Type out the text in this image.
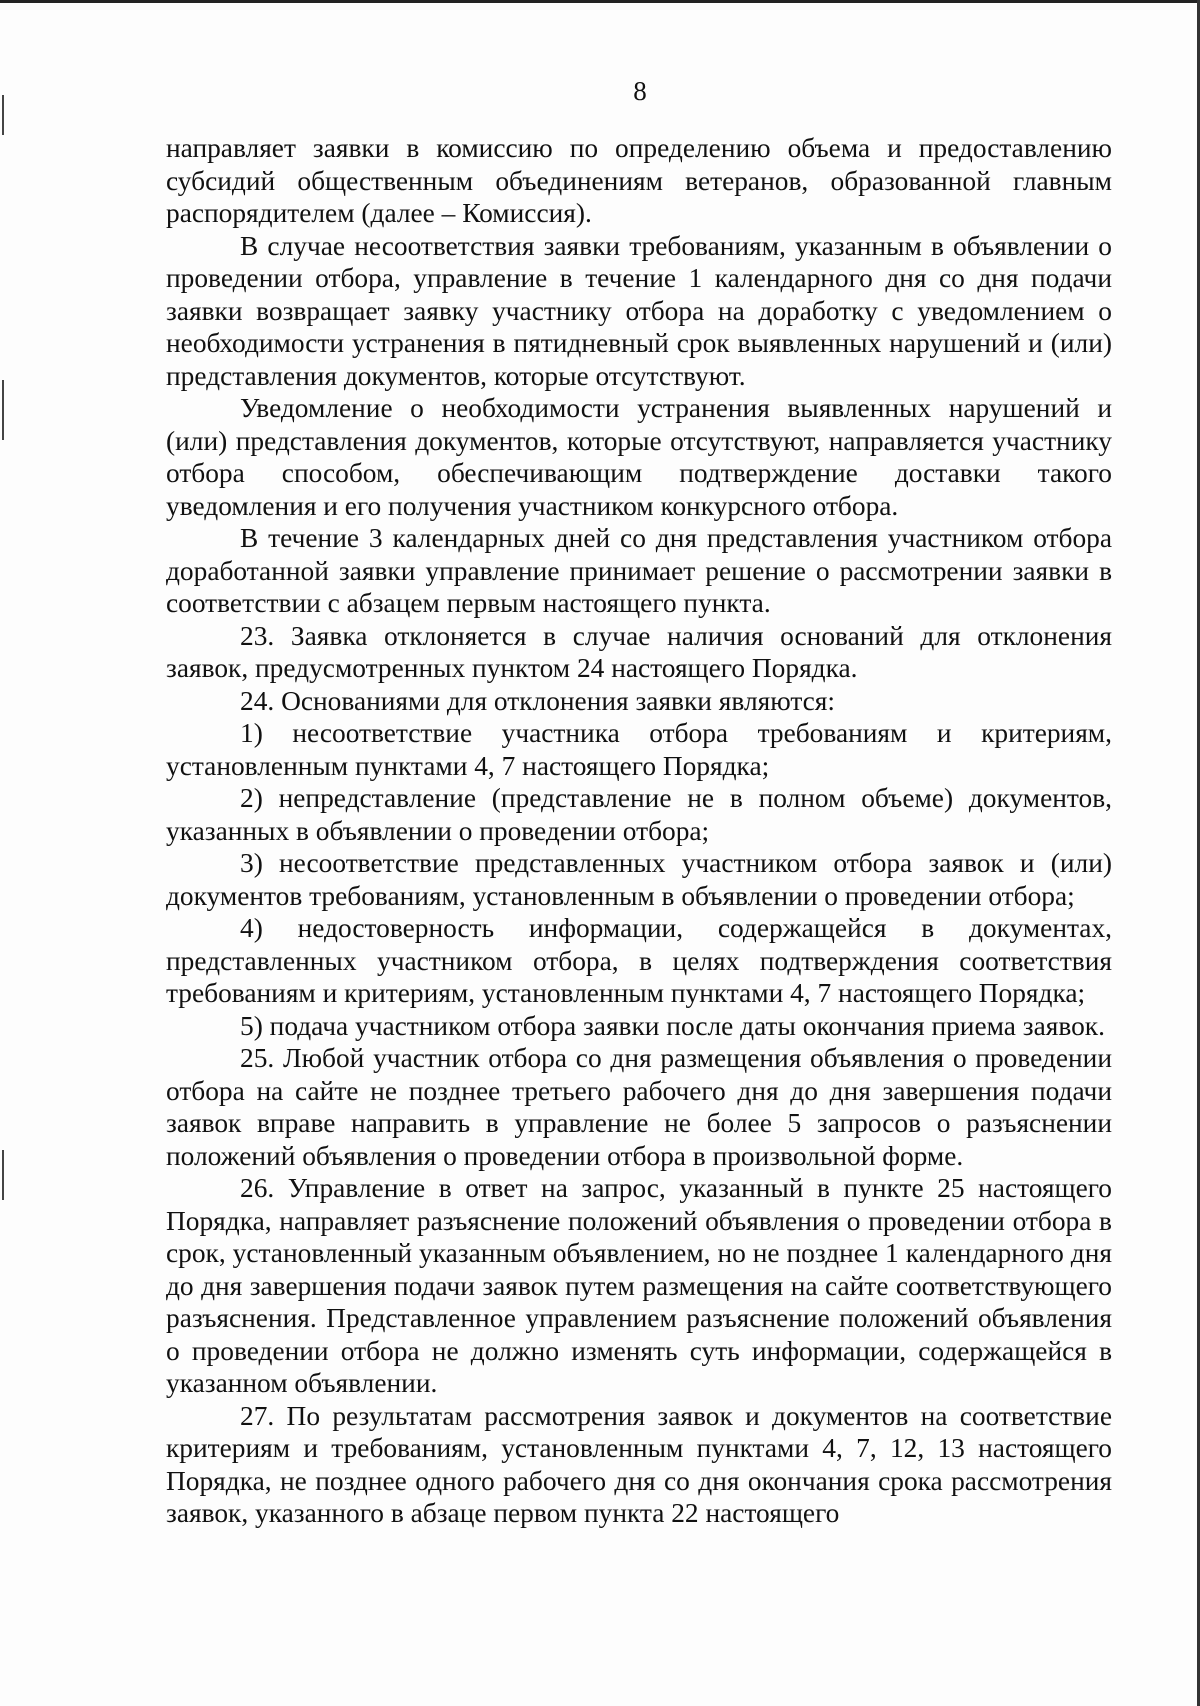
8

направляет заявки в комиссию по определению объема и предоставлению субсидий общественным объединениям ветеранов, образованной главным распорядителем (далее – Комиссия).

В случае несоответствия заявки требованиям, указанным в объявлении о проведении отбора, управление в течение 1 календарного дня со дня подачи заявки возвращает заявку участнику отбора на доработку с уведомлением о необходимости устранения в пятидневный срок выявленных нарушений и (или) представления документов, которые отсутствуют.

Уведомление о необходимости устранения выявленных нарушений и (или) представления документов, которые отсутствуют, направляется участнику отбора способом, обеспечивающим подтверждение доставки такого уведомления и его получения участником конкурсного отбора.

В течение 3 календарных дней со дня представления участником отбора доработанной заявки управление принимает решение о рассмотрении заявки в соответствии с абзацем первым настоящего пункта.

23. Заявка отклоняется в случае наличия оснований для отклонения заявок, предусмотренных пунктом 24 настоящего Порядка.

24. Основаниями для отклонения заявки являются:

1) несоответствие участника отбора требованиям и критериям, установленным пунктами 4, 7 настоящего Порядка;

2) непредставление (представление не в полном объеме) документов, указанных в объявлении о проведении отбора;

3) несоответствие представленных участником отбора заявок и (или) документов требованиям, установленным в объявлении о проведении отбора;

4) недостоверность информации, содержащейся в документах, представленных участником отбора, в целях подтверждения соответствия требованиям и критериям, установленным пунктами 4, 7 настоящего Порядка;

5) подача участником отбора заявки после даты окончания приема заявок.

25. Любой участник отбора со дня размещения объявления о проведении отбора на сайте не позднее третьего рабочего дня до дня завершения подачи заявок вправе направить в управление не более 5 запросов о разъяснении положений объявления о проведении отбора в произвольной форме.

26. Управление в ответ на запрос, указанный в пункте 25 настоящего Порядка, направляет разъяснение положений объявления о проведении отбора в срок, установленный указанным объявлением, но не позднее 1 календарного дня до дня завершения подачи заявок путем размещения на сайте соответствующего разъяснения. Представленное управлением разъяснение положений объявления о проведении отбора не должно изменять суть информации, содержащейся в указанном объявлении.

27. По результатам рассмотрения заявок и документов на соответствие критериям и требованиям, установленным пунктами 4, 7, 12, 13 настоящего Порядка, не позднее одного рабочего дня со дня окончания срока рассмотрения заявок, указанного в абзаце первом пункта 22 настоящего
